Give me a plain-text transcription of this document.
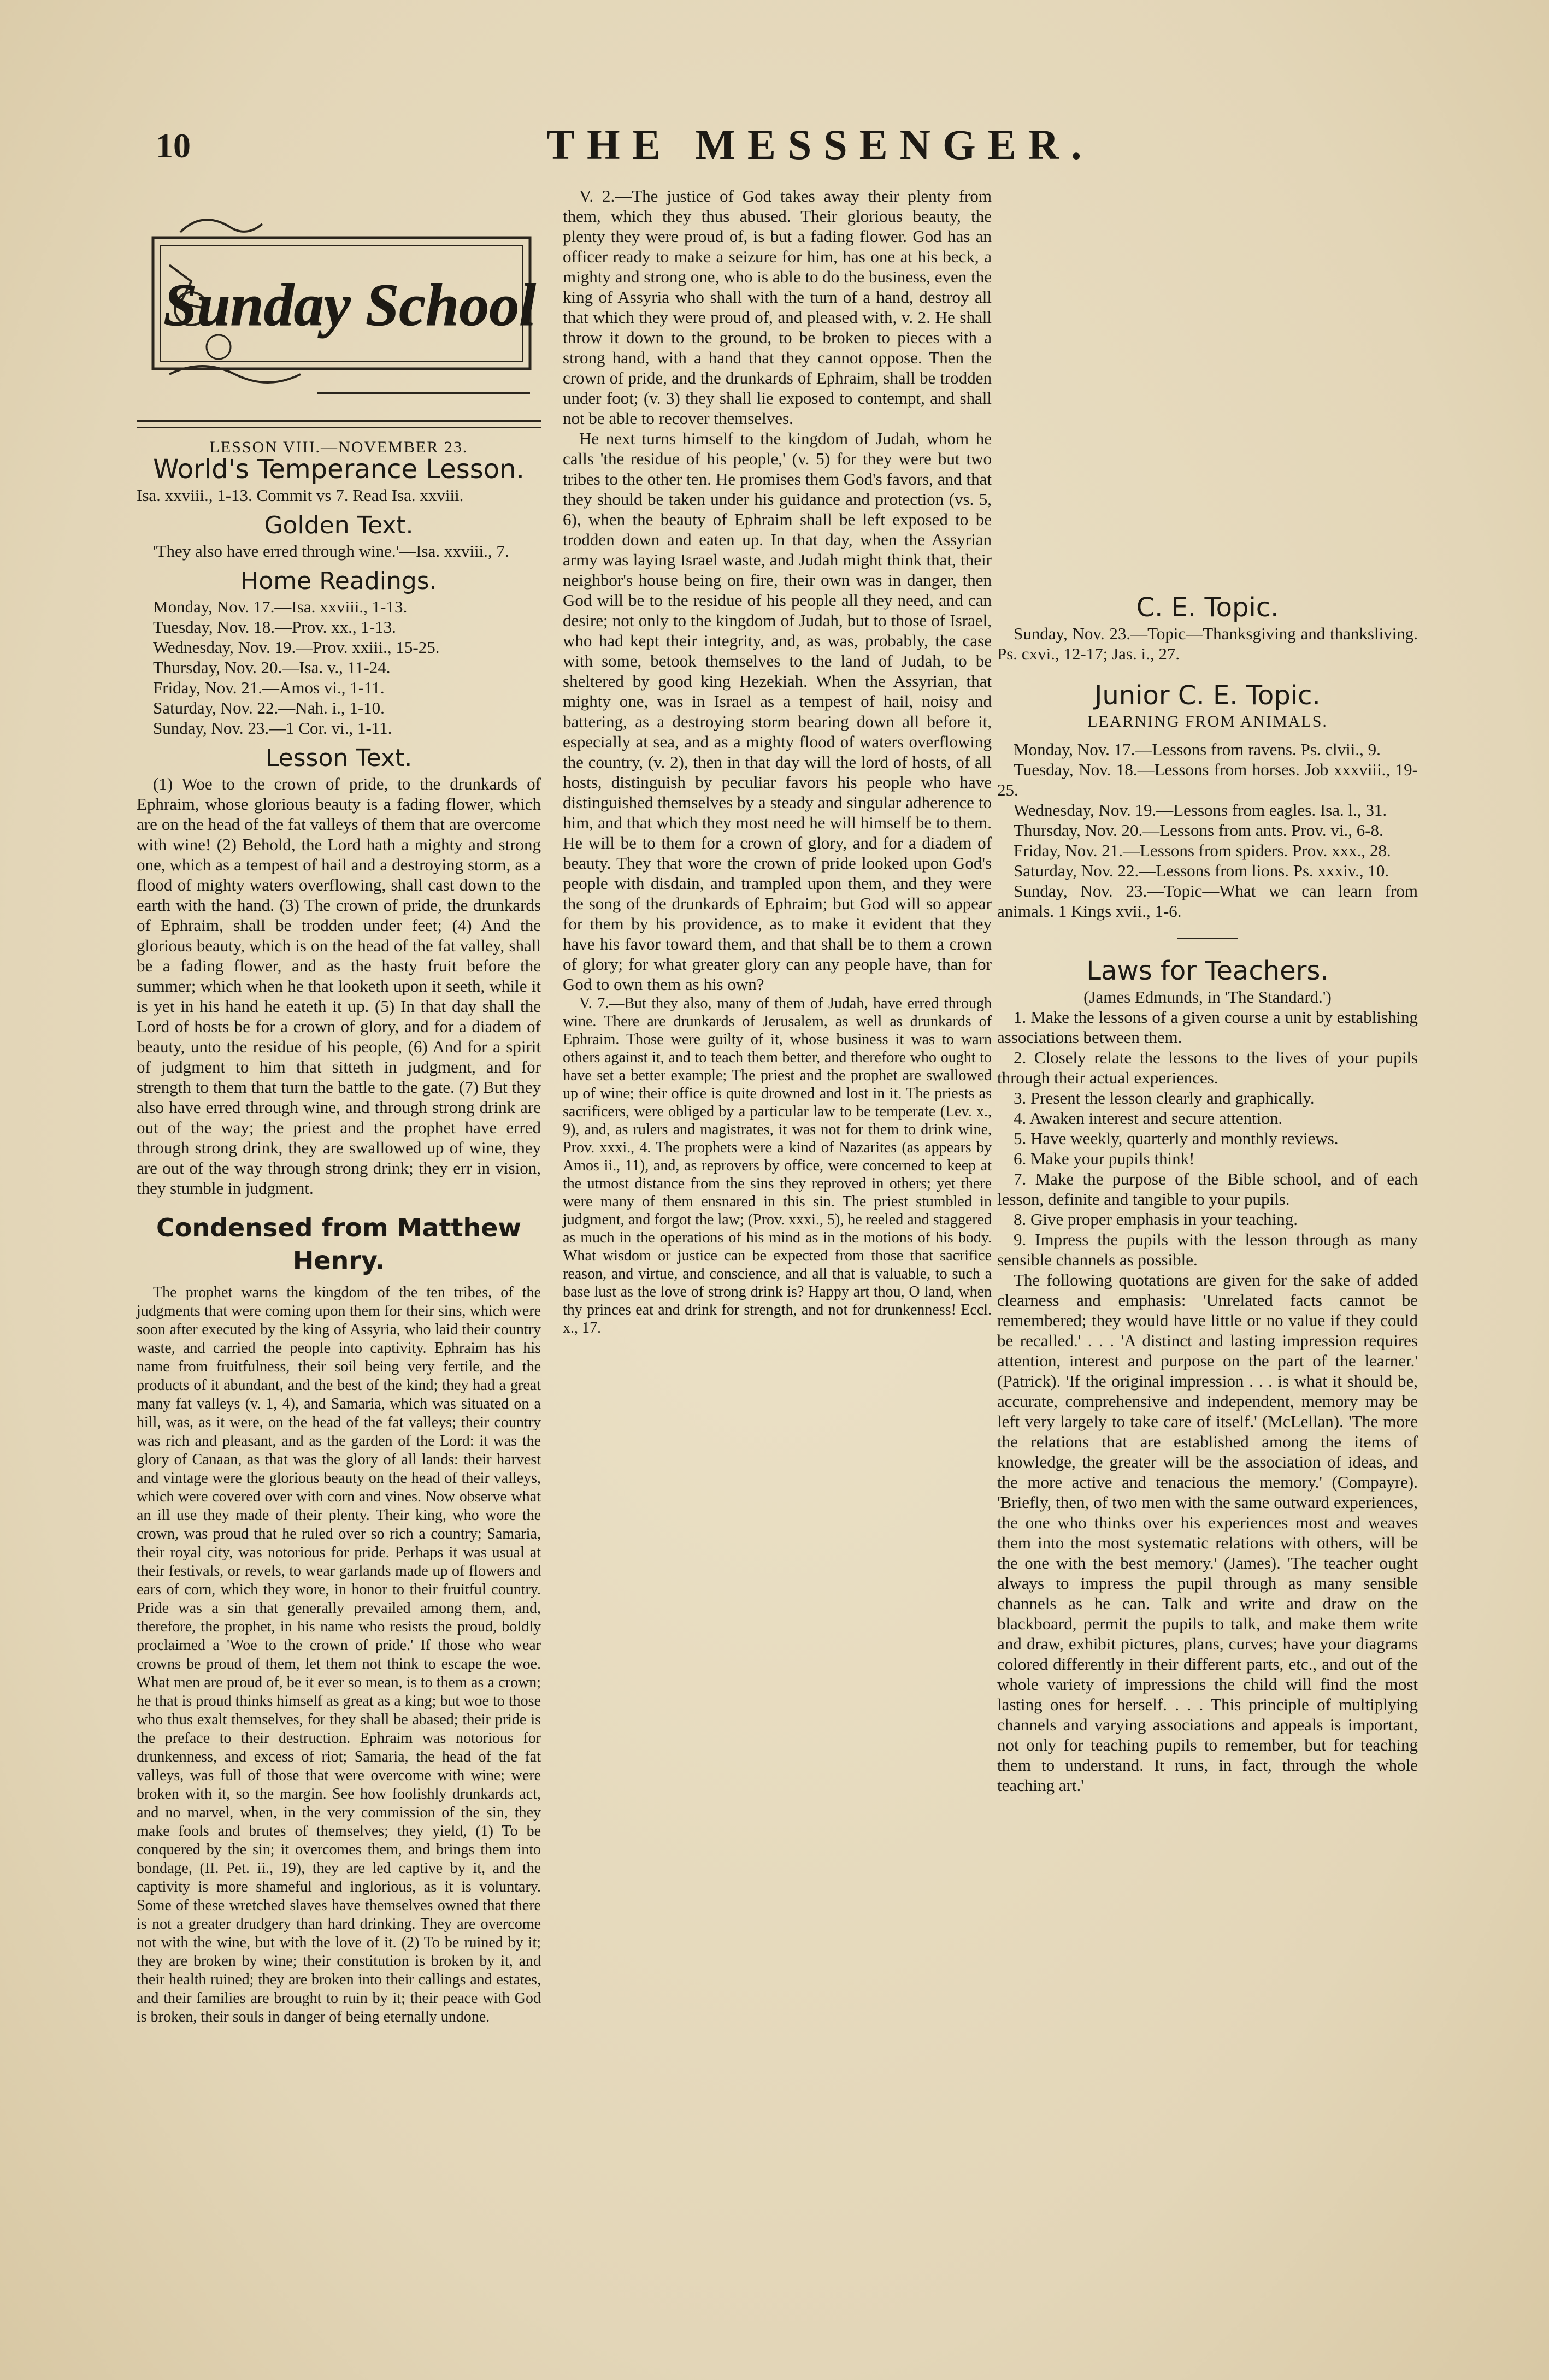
10	THE MESSENGER.
Sunday School
LESSON VIII.—NOVEMBER 23.
World's Temperance Lesson.

Isa. xxviii., 1-13. Commit vs 7. Read Isa. xxviii.

Golden Text.

'They also have erred through wine.'—Isa. xxviii., 7.

Home Readings.

Monday, Nov. 17.—Isa. xxviii., 1-13.

Tuesday, Nov. 18.—Prov. xx., 1-13.

Wednesday, Nov. 19.—Prov. xxiii., 15-25.

Thursday, Nov. 20.—Isa. v., 11-24.

Friday, Nov. 21.—Amos vi., 1-11.

Saturday, Nov. 22.—Nah. i., 1-10.

Sunday, Nov. 23.—1 Cor. vi., 1-11.

Lesson Text.

(1) Woe to the crown of pride, to the drunkards of Ephraim, whose glorious beauty is a fading flower, which are on the head of the fat valleys of them that are overcome with wine! (2) Behold, the Lord hath a mighty and strong one, which as a tempest of hail and a destroying storm, as a flood of mighty waters overflowing, shall cast down to the earth with the hand. (3) The crown of pride, the drunkards of Ephraim, shall be trodden under feet; (4) And the glorious beauty, which is on the head of the fat valley, shall be a fading flower, and as the hasty fruit before the summer; which when he that looketh upon it seeth, while it is yet in his hand he eateth it up. (5) In that day shall the Lord of hosts be for a crown of glory, and for a diadem of beauty, unto the residue of his people, (6) And for a spirit of judgment to him that sitteth in judgment, and for strength to them that turn the battle to the gate. (7) But they also have erred through wine, and through strong drink are out of the way; the priest and the prophet have erred through strong drink, they are swallowed up of wine, they are out of the way through strong drink; they err in vision, they stumble in judgment.

Condensed from Matthew Henry.

The prophet warns the kingdom of the ten tribes, of the judgments that were coming upon them for their sins, which were soon after executed by the king of Assyria, who laid their country waste, and carried the people into captivity. Ephraim has his name from fruitfulness, their soil being very fertile, and the products of it abundant, and the best of the kind; they had a great many fat valleys (v. 1, 4), and Samaria, which was situated on a hill, was, as it were, on the head of the fat valleys; their country was rich and pleasant, and as the garden of the Lord: it was the glory of Canaan, as that was the glory of all lands: their harvest and vintage were the glorious beauty on the head of their valleys, which were covered over with corn and vines. Now observe what an ill use they made of their plenty. Their king, who wore the crown, was proud that he ruled over so rich a country; Samaria, their royal city, was notorious for pride. Perhaps it was usual at their festivals, or revels, to wear garlands made up of flowers and ears of corn, which they wore, in honor to their fruitful country. Pride was a sin that generally prevailed among them, and, therefore, the prophet, in his name who resists the proud, boldly proclaimed a 'Woe to the crown of pride.' If those who wear crowns be proud of them, let them not think to escape the woe. What men are proud of, be it ever so mean, is to them as a crown; he that is proud thinks himself as great as a king; but woe to those who thus exalt themselves, for they shall be abased; their pride is the preface to their destruction. Ephraim was notorious for drunkenness, and excess of riot; Samaria, the head of the fat valleys, was full of those that were overcome with wine; were broken with it, so the margin. See how foolishly drunkards act, and no marvel, when, in the very commission of the sin, they make fools and brutes of themselves; they yield, (1) To be conquered by the sin; it overcomes them, and brings them into bondage, (II. Pet. ii., 19), they are led captive by it, and the captivity is more shameful and inglorious, as it is voluntary. Some of these wretched slaves have themselves owned that there is not a greater drudgery than hard drinking. They are overcome not with the wine, but with the love of it. (2) To be ruined by it; they are broken by wine; their constitution is broken by it, and their health ruined; they are broken into their callings and estates, and their families are brought to ruin by it; their peace with God is broken, their souls in danger of being eternally undone.

V. 2.—The justice of God takes away their plenty from them, which they thus abused. Their glorious beauty, the plenty they were proud of, is but a fading flower. God has an officer ready to make a seizure for him, has one at his beck, a mighty and strong one, who is able to do the business, even the king of Assyria who shall with the turn of a hand, destroy all that which they were proud of, and pleased with, v. 2. He shall throw it down to the ground, to be broken to pieces with a strong hand, with a hand that they cannot oppose. Then the crown of pride, and the drunkards of Ephraim, shall be trodden under foot; (v. 3) they shall lie exposed to contempt, and shall not be able to recover themselves.

He next turns himself to the kingdom of Judah, whom he calls 'the residue of his people,' (v. 5) for they were but two tribes to the other ten. He promises them God's favors, and that they should be taken under his guidance and protection (vs. 5, 6), when the beauty of Ephraim shall be left exposed to be trodden down and eaten up. In that day, when the Assyrian army was laying Israel waste, and Judah might think that, their neighbor's house being on fire, their own was in danger, then God will be to the residue of his people all they need, and can desire; not only to the kingdom of Judah, but to those of Israel, who had kept their integrity, and, as was, probably, the case with some, betook themselves to the land of Judah, to be sheltered by good king Hezekiah. When the Assyrian, that mighty one, was in Israel as a tempest of hail, noisy and battering, as a destroying storm bearing down all before it, especially at sea, and as a mighty flood of waters overflowing the country, (v. 2), then in that day will the lord of hosts, of all hosts, distinguish by peculiar favors his people who have distinguished themselves by a steady and singular adherence to him, and that which they most need he will himself be to them. He will be to them for a crown of glory, and for a diadem of beauty. They that wore the crown of pride looked upon God's people with disdain, and trampled upon them, and they were the song of the drunkards of Ephraim; but God will so appear for them by his providence, as to make it evident that they have his favor toward them, and that shall be to them a crown of glory; for what greater glory can any people have, than for God to own them as his own?

V. 7.—But they also, many of them of Judah, have erred through wine. There are drunkards of Jerusalem, as well as drunkards of Ephraim. Those were guilty of it, whose business it was to warn others against it, and to teach them better, and therefore who ought to have set a better example; The priest and the prophet are swallowed up of wine; their office is quite drowned and lost in it. The priests as sacrificers, were obliged by a particular law to be temperate (Lev. x., 9), and, as rulers and magistrates, it was not for them to drink wine, Prov. xxxi., 4. The prophets were a kind of Nazarites (as appears by Amos ii., 11), and, as reprovers by office, were concerned to keep at the utmost distance from the sins they reproved in others; yet there were many of them ensnared in this sin. The priest stumbled in judgment, and forgot the law; (Prov. xxxi., 5), he reeled and staggered as much in the operations of his mind as in the motions of his body. What wisdom or justice can be expected from those that sacrifice reason, and virtue, and conscience, and all that is valuable, to such a base lust as the love of strong drink is? Happy art thou, O land, when thy princes eat and drink for strength, and not for drunkenness! Eccl. x., 17.

C. E. Topic.

Sunday, Nov. 23.—Topic—Thanksgiving and thanksliving. Ps. cxvi., 12-17; Jas. i., 27.

Junior C. E. Topic.
LEARNING FROM ANIMALS.

Monday, Nov. 17.—Lessons from ravens. Ps. clvii., 9.

Tuesday, Nov. 18.—Lessons from horses. Job xxxviii., 19-25.

Wednesday, Nov. 19.—Lessons from eagles. Isa. l., 31.

Thursday, Nov. 20.—Lessons from ants. Prov. vi., 6-8.

Friday, Nov. 21.—Lessons from spiders. Prov. xxx., 28.

Saturday, Nov. 22.—Lessons from lions. Ps. xxxiv., 10.

Sunday, Nov. 23.—Topic—What we can learn from animals. 1 Kings xvii., 1-6.

Laws for Teachers.

(James Edmunds, in 'The Standard.')

1. Make the lessons of a given course a unit by establishing associations between them.

2. Closely relate the lessons to the lives of your pupils through their actual experiences.

3. Present the lesson clearly and graphically.

4. Awaken interest and secure attention.

5. Have weekly, quarterly and monthly reviews.

6. Make your pupils think!

7. Make the purpose of the Bible school, and of each lesson, definite and tangible to your pupils.

8. Give proper emphasis in your teaching.

9. Impress the pupils with the lesson through as many sensible channels as possible.

The following quotations are given for the sake of added clearness and emphasis: 'Unrelated facts cannot be remembered; they would have little or no value if they could be recalled.' . . . 'A distinct and lasting impression requires attention, interest and purpose on the part of the learner.' (Patrick). 'If the original impression . . . is what it should be, accurate, comprehensive and independent, memory may be left very largely to take care of itself.' (McLellan). 'The more the relations that are established among the items of knowledge, the greater will be the association of ideas, and the more active and tenacious the memory.' (Compayre). 'Briefly, then, of two men with the same outward experiences, the one who thinks over his experiences most and weaves them into the most systematic relations with others, will be the one with the best memory.' (James). 'The teacher ought always to impress the pupil through as many sensible channels as he can. Talk and write and draw on the blackboard, permit the pupils to talk, and make them write and draw, exhibit pictures, plans, curves; have your diagrams colored differently in their different parts, etc., and out of the whole variety of impressions the child will find the most lasting ones for herself. . . . This principle of multiplying channels and varying associations and appeals is important, not only for teaching pupils to remember, but for teaching them to understand. It runs, in fact, through the whole teaching art.'
